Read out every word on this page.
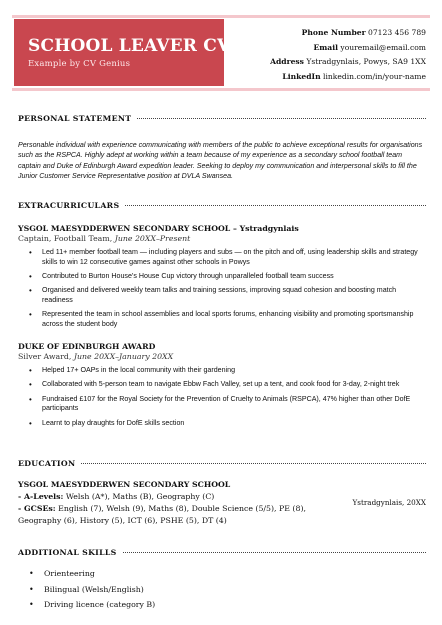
SCHOOL LEAVER CV
Example by CV Genius
Phone Number 07123 456 789
Email youremail@email.com
Address Ystradgynlais, Powys, SA9 1XX
LinkedIn linkedin.com/in/your-name
PERSONAL STATEMENT

Personable individual with experience communicating with members of the public to achieve exceptional results for organisations such as the RSPCA. Highly adept at working within a team because of my experience as a secondary school football team captain and Duke of Edinburgh Award expedition leader. Seeking to deploy my communication and interpersonal skills to fill the Junior Customer Service Representative position at DVLA Swansea.

EXTRACURRICULARS
YSGOL MAESYDDERWEN SECONDARY SCHOOL – Ystradgynlais
Captain, Football Team, June 20XX–Present
• Led 11+ member football team — including players and subs — on the pitch and off, using leadership skills and strategy skills to win 12 consecutive games against other schools in Powys
• Contributed to Burton House’s House Cup victory through unparalleled football team success
• Organised and delivered weekly team talks and training sessions, improving squad cohesion and boosting match readiness
• Represented the team in school assemblies and local sports forums, enhancing visibility and promoting sportsmanship across the student body
DUKE OF EDINBURGH AWARD
Silver Award, June 20XX–January 20XX
• Helped 17+ OAPs in the local community with their gardening
• Collaborated with 5-person team to navigate Ebbw Fach Valley, set up a tent, and cook food for 3-day, 2-night trek
• Fundraised £107 for the Royal Society for the Prevention of Cruelty to Animals (RSPCA), 47% higher than other DofE participants
• Learnt to play draughts for DofE skills section
EDUCATION
YSGOL MAESYDDERWEN SECONDARY SCHOOL
- A-Levels: Welsh (A*), Maths (B), Geography (C)
- GCSEs: English (7), Welsh (9), Maths (8), Double Science (5/5), PE (8), Geography (6), History (5), ICT (6), PSHE (5), DT (4)
Ystradgynlais, 20XX
ADDITIONAL SKILLS
• Orienteering
• Bilingual (Welsh/English)
• Driving licence (category B)
